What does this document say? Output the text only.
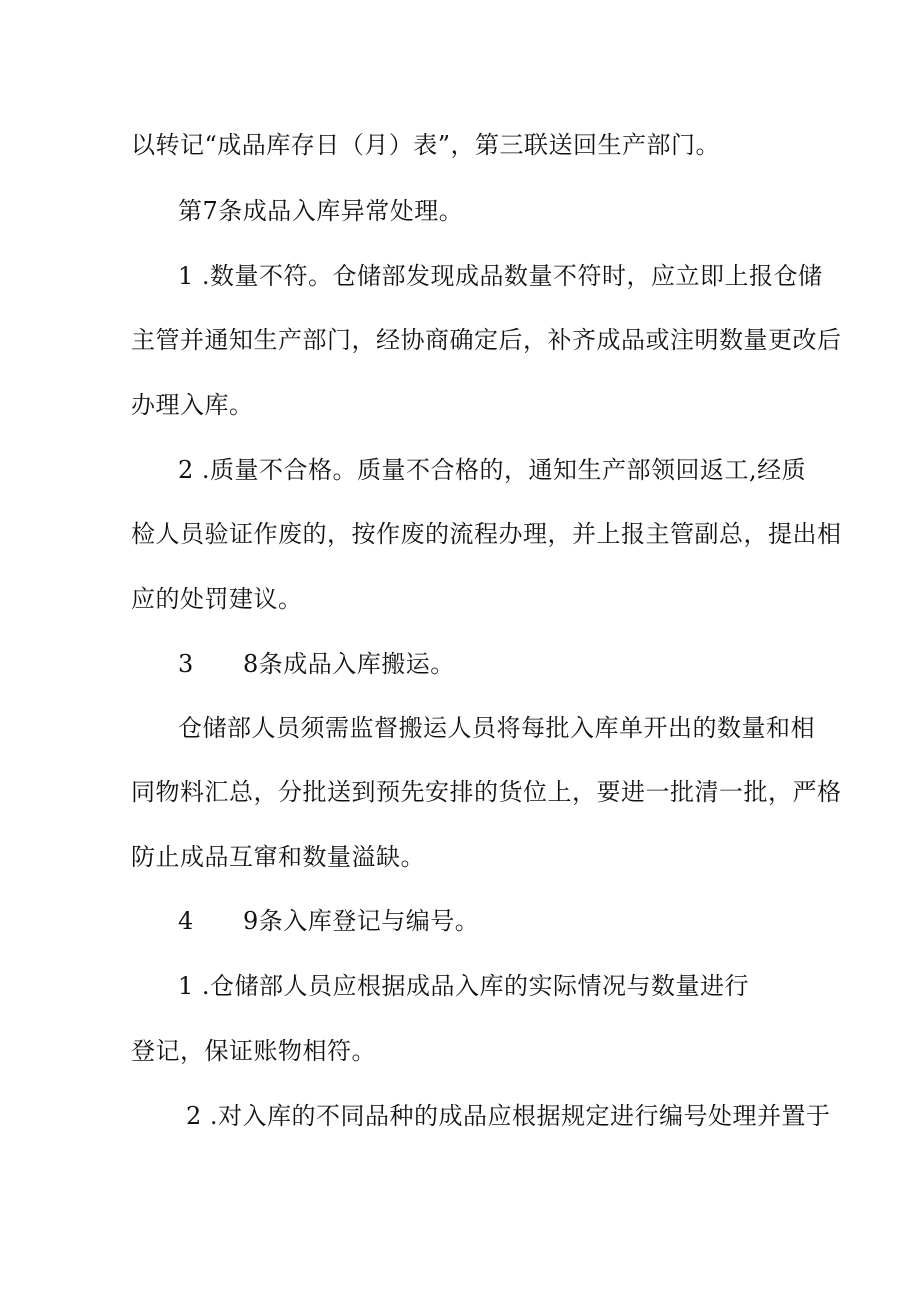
以转记“成品库存日（月）表”，第三联送回生产部门。

第7条成品入库异常处理。

1 .数量不符。仓储部发现成品数量不符时，应立即上报仓储

主管并通知生产部门，经协商确定后，补齐成品或注明数量更改后

办理入库。

2 .质量不合格。质量不合格的，通知生产部领回返工,经质

检人员验证作废的，按作废的流程办理，并上报主管副总，提出相

应的处罚建议。

3 8条成品入库搬运。

仓储部人员须需监督搬运人员将每批入库单开出的数量和相

同物料汇总，分批送到预先安排的货位上，要进一批清一批，严格

防止成品互窜和数量溢缺。

4 9条入库登记与编号。

1 .仓储部人员应根据成品入库的实际情况与数量进行

登记，保证账物相符。

2 .对入库的不同品种的成品应根据规定进行编号处理并置于
